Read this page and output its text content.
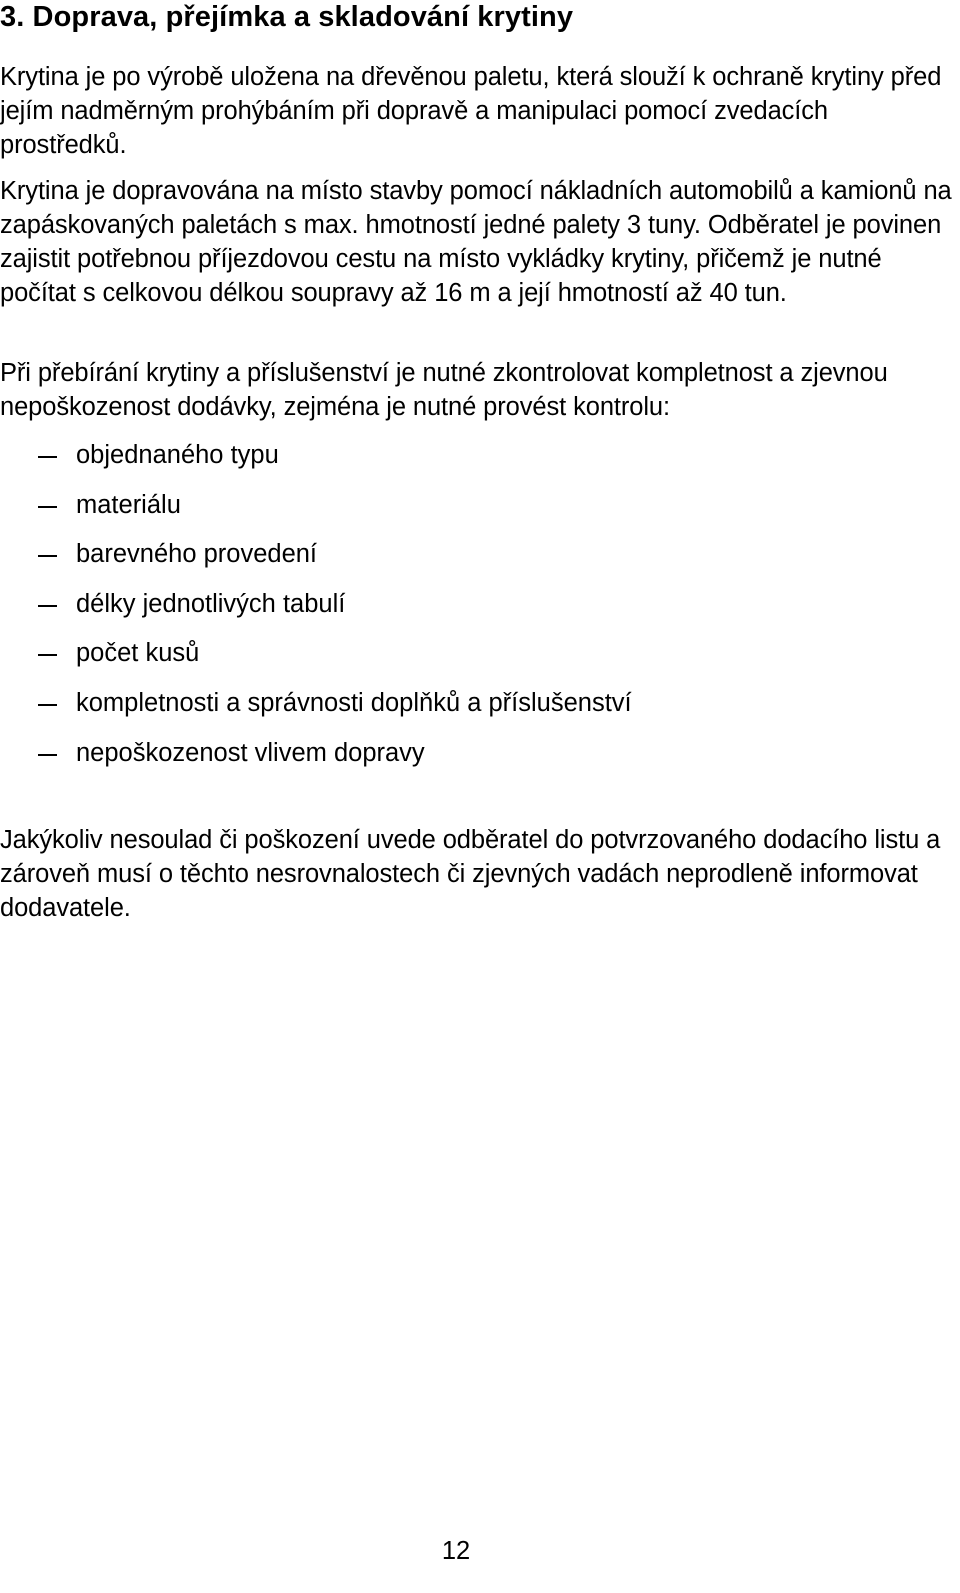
3. Doprava, přejímka a skladování krytiny

Krytina je po výrobě uložena na dřevěnou paletu, která slouží k ochraně krytiny před jejím nadměrným prohýbáním při dopravě a manipulaci pomocí zvedacích prostředků.

Krytina je dopravována na místo stavby pomocí nákladních automobilů a kamionů na zapáskovaných paletách s max. hmotností jedné palety 3 tuny. Odběratel je povinen zajistit potřebnou příjezdovou cestu na místo vykládky krytiny, přičemž je nutné počítat s celkovou délkou soupravy až 16 m a její hmotností až 40 tun.

Při přebírání krytiny a příslušenství je nutné zkontrolovat kompletnost a zjevnou nepoškozenost dodávky, zejména je nutné provést kontrolu:

objednaného typu
materiálu
barevného provedení
délky jednotlivých tabulí
počet kusů
kompletnosti a správnosti doplňků a příslušenství
nepoškozenost vlivem dopravy

Jakýkoliv nesoulad či poškození uvede odběratel do potvrzovaného dodacího listu a zároveň musí o těchto nesrovnalostech či zjevných vadách neprodleně informovat dodavatele.

12
